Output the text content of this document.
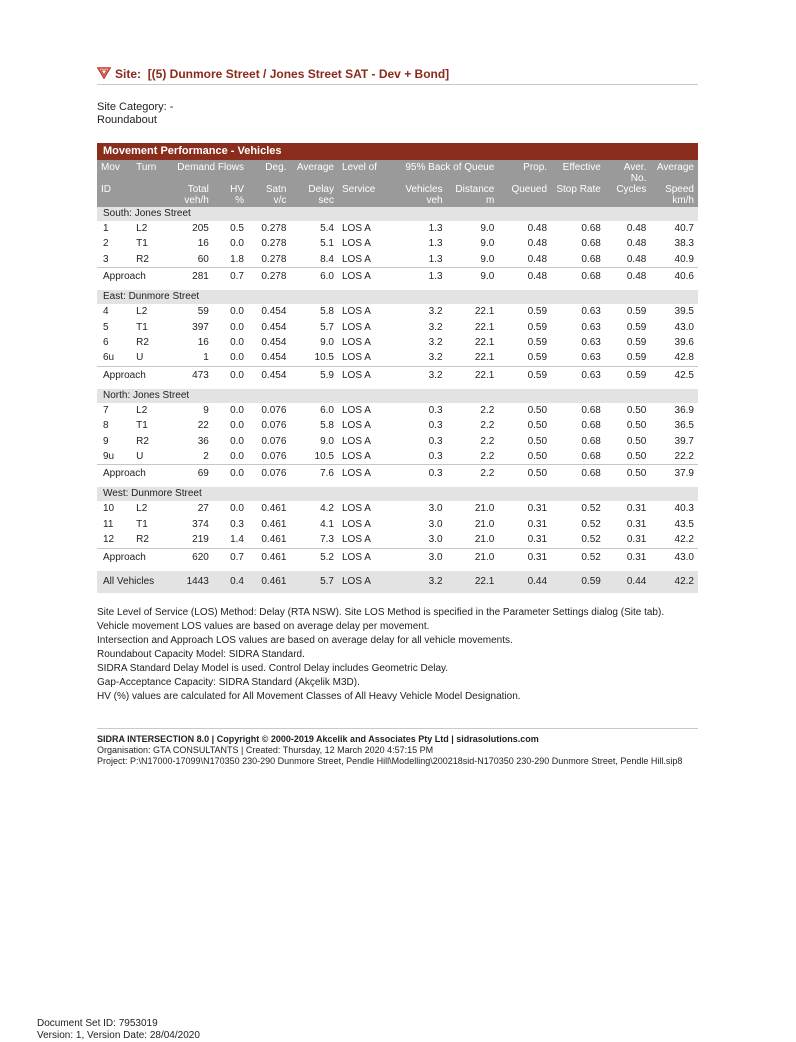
Site: [(5) Dunmore Street / Jones Street SAT - Dev + Bond]
Site Category: -
Roundabout
Movement Performance - Vehicles
Mov	Turn	Demand Flows		Deg.	Average	Level of	95% Back of Queue		Prop.	Effective	Aver. No.	Average
ID		Total	HV	Satn	Delay	Service	Vehicles	Distance	Queued	Stop Rate	Cycles	Speed
		veh/h	%	v/c	sec		veh	m				km/h
South: Jones Street												
1	L2	205	0.5	0.278	5.4	LOS A	1.3	9.0	0.48	0.68	0.48	40.7
2	T1	16	0.0	0.278	5.1	LOS A	1.3	9.0	0.48	0.68	0.48	38.3
3	R2	60	1.8	0.278	8.4	LOS A	1.3	9.0	0.48	0.68	0.48	40.9
Approach		281	0.7	0.278	6.0	LOS A	1.3	9.0	0.48	0.68	0.48	40.6

East: Dunmore Street												
4	L2	59	0.0	0.454	5.8	LOS A	3.2	22.1	0.59	0.63	0.59	39.5
5	T1	397	0.0	0.454	5.7	LOS A	3.2	22.1	0.59	0.63	0.59	43.0
6	R2	16	0.0	0.454	9.0	LOS A	3.2	22.1	0.59	0.63	0.59	39.6
6u	U	1	0.0	0.454	10.5	LOS A	3.2	22.1	0.59	0.63	0.59	42.8
Approach		473	0.0	0.454	5.9	LOS A	3.2	22.1	0.59	0.63	0.59	42.5

North: Jones Street												
7	L2	9	0.0	0.076	6.0	LOS A	0.3	2.2	0.50	0.68	0.50	36.9
8	T1	22	0.0	0.076	5.8	LOS A	0.3	2.2	0.50	0.68	0.50	36.5
9	R2	36	0.0	0.076	9.0	LOS A	0.3	2.2	0.50	0.68	0.50	39.7
9u	U	2	0.0	0.076	10.5	LOS A	0.3	2.2	0.50	0.68	0.50	22.2
Approach		69	0.0	0.076	7.6	LOS A	0.3	2.2	0.50	0.68	0.50	37.9

West: Dunmore Street												
10	L2	27	0.0	0.461	4.2	LOS A	3.0	21.0	0.31	0.52	0.31	40.3
11	T1	374	0.3	0.461	4.1	LOS A	3.0	21.0	0.31	0.52	0.31	43.5
12	R2	219	1.4	0.461	7.3	LOS A	3.0	21.0	0.31	0.52	0.31	42.2
Approach		620	0.7	0.461	5.2	LOS A	3.0	21.0	0.31	0.52	0.31	43.0

All Vehicles		1443	0.4	0.461	5.7	LOS A	3.2	22.1	0.44	0.59	0.44	42.2
Site Level of Service (LOS) Method: Delay (RTA NSW). Site LOS Method is specified in the Parameter Settings dialog (Site tab).
Vehicle movement LOS values are based on average delay per movement.
Intersection and Approach LOS values are based on average delay for all vehicle movements.
Roundabout Capacity Model: SIDRA Standard.
SIDRA Standard Delay Model is used. Control Delay includes Geometric Delay.
Gap-Acceptance Capacity: SIDRA Standard (Akçelik M3D).
HV (%) values are calculated for All Movement Classes of All Heavy Vehicle Model Designation.
SIDRA INTERSECTION 8.0 | Copyright © 2000-2019 Akcelik and Associates Pty Ltd | sidrasolutions.com
Organisation: GTA CONSULTANTS | Created: Thursday, 12 March 2020 4:57:15 PM
Project: P:\N17000-17099\N170350 230-290 Dunmore Street, Pendle Hill\Modelling\200218sid-N170350 230-290 Dunmore Street, Pendle Hill.sip8
Document Set ID: 7953019
Version: 1, Version Date: 28/04/2020
